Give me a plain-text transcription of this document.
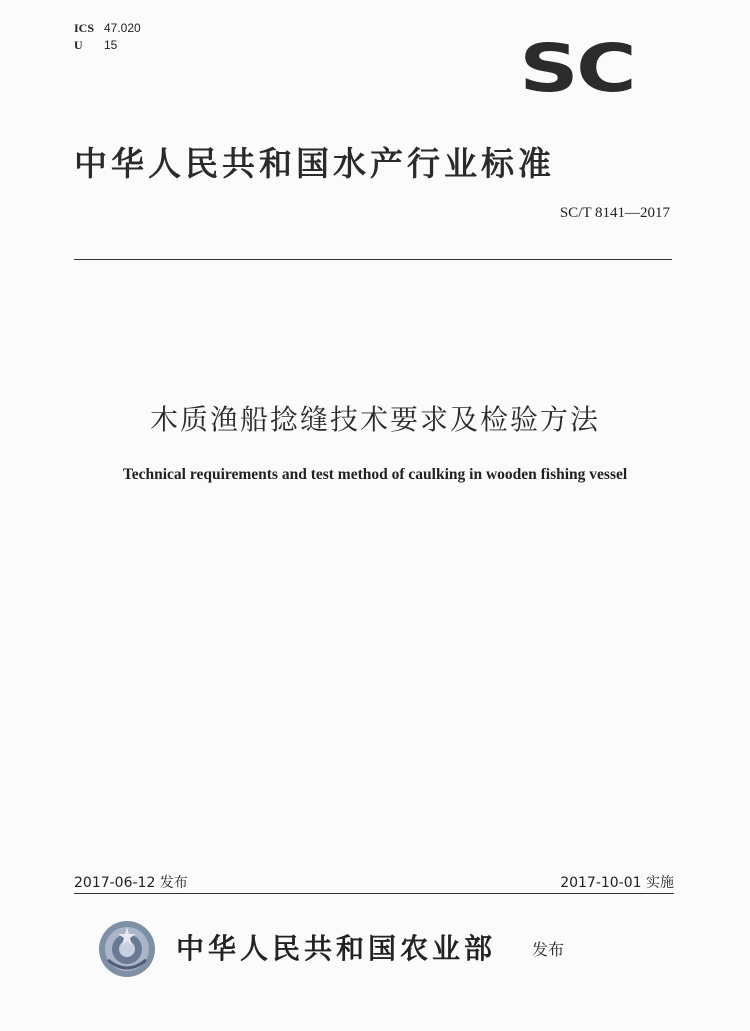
ICS 47.020
U 15	SC
中华人民共和国水产行业标准
SC/T 8141—2017
木质渔船捻缝技术要求及检验方法
Technical requirements and test method of caulking in wooden fishing vessel
2017-06-12 发布	2017-10-01 实施
中华人民共和国农业部 发布
